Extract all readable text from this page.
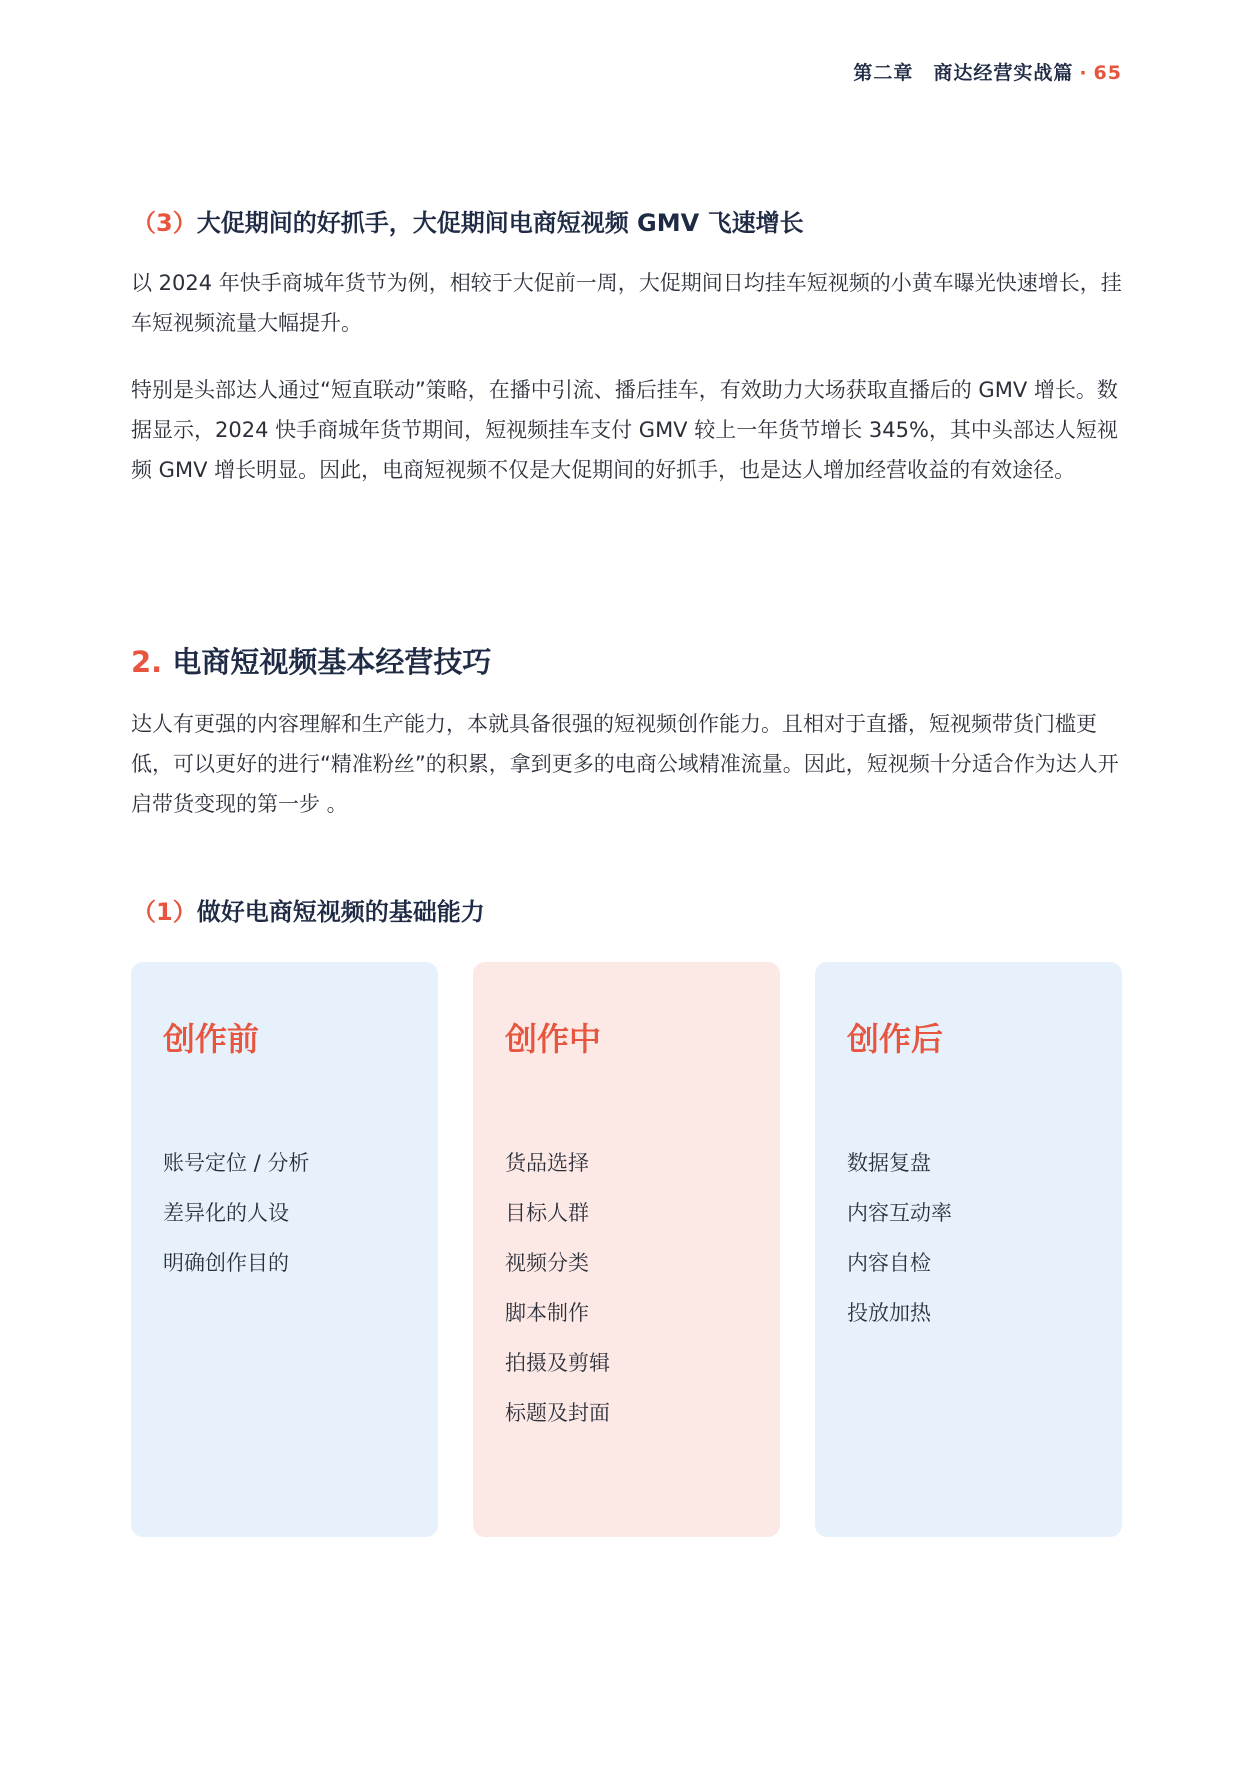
第二章　商达经营实战篇 · 65
（3）大促期间的好抓手，大促期间电商短视频 GMV 飞速增长

以 2024 年快手商城年货节为例，相较于大促前一周，大促期间日均挂车短视频的小黄车曝光快速增长，挂车短视频流量大幅提升。

特别是头部达人通过“短直联动”策略，在播中引流、播后挂车，有效助力大场获取直播后的 GMV 增长。数据显示，2024 快手商城年货节期间，短视频挂车支付 GMV 较上一年货节增长 345%，其中头部达人短视频 GMV 增长明显。因此，电商短视频不仅是大促期间的好抓手，也是达人增加经营收益的有效途径。

2. 电商短视频基本经营技巧

达人有更强的内容理解和生产能力，本就具备很强的短视频创作能力。且相对于直播，短视频带货门槛更低，可以更好的进行“精准粉丝”的积累，拿到更多的电商公域精准流量。因此，短视频十分适合作为达人开启带货变现的第一步 。

（1）做好电商短视频的基础能力
创作前
账号定位 / 分析
差异化的人设
明确创作目的
创作中
货品选择
目标人群
视频分类
脚本制作
拍摄及剪辑
标题及封面
创作后
数据复盘
内容互动率
内容自检
投放加热
